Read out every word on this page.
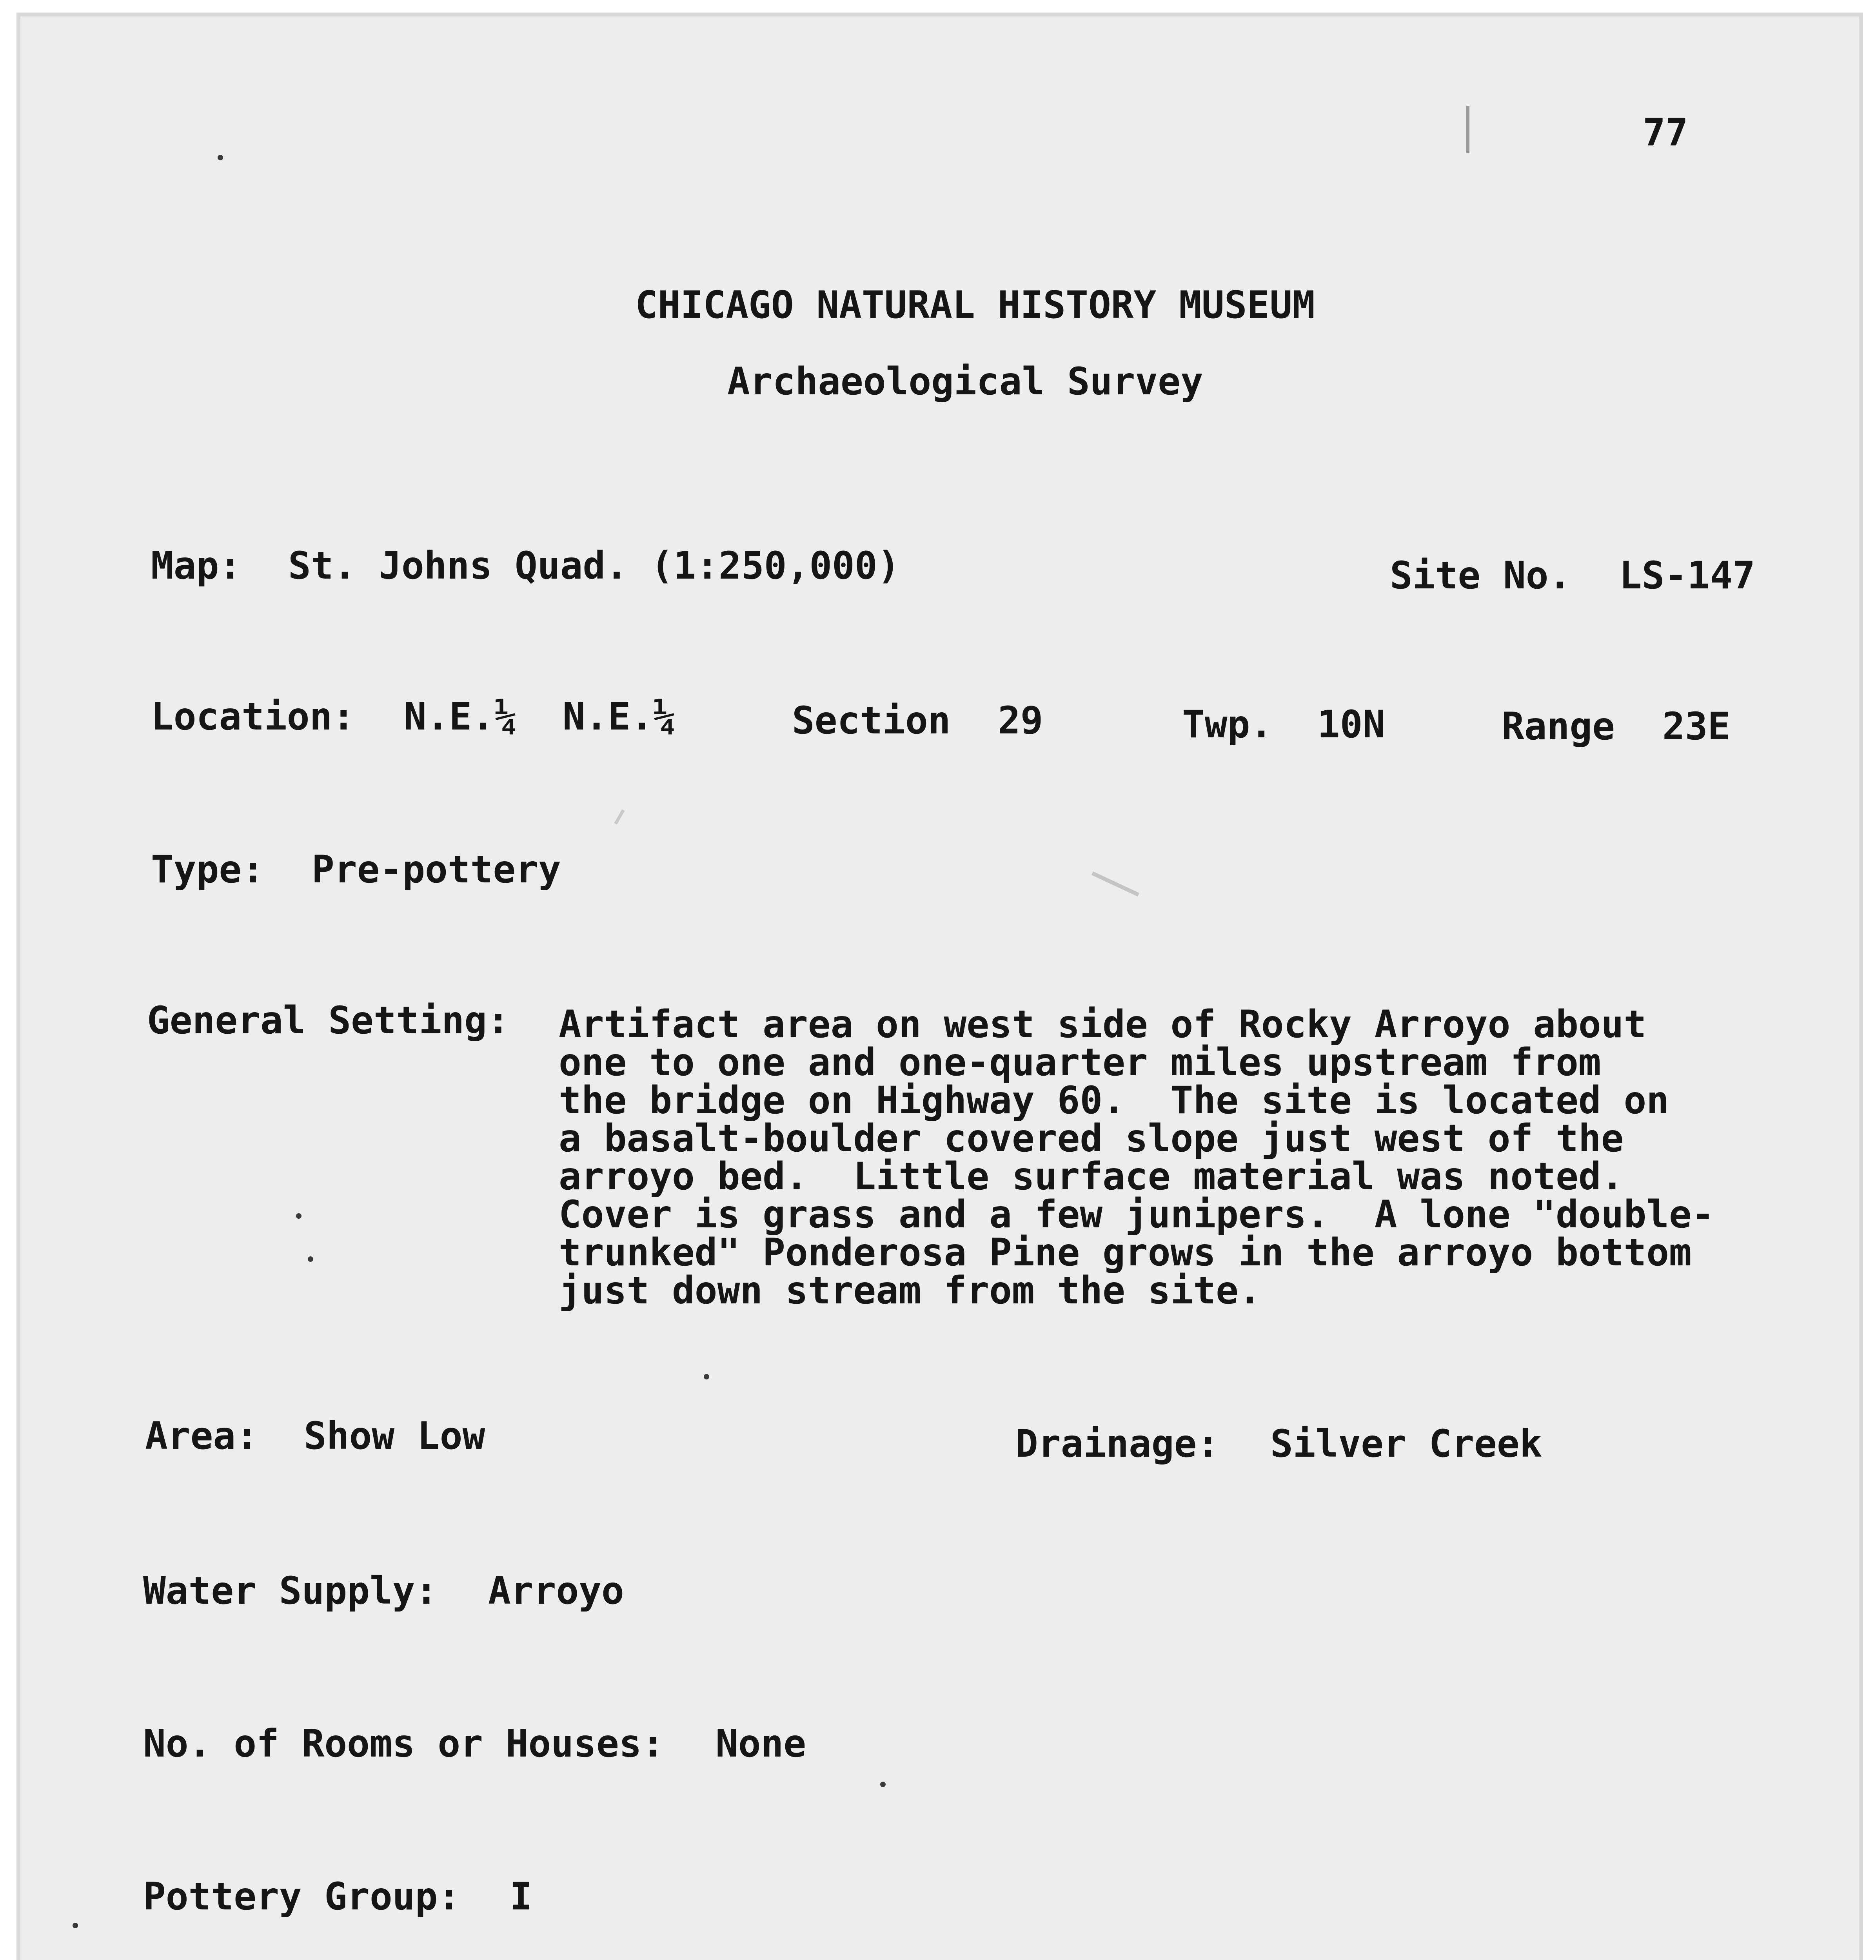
77
CHICAGO NATURAL HISTORY MUSEUM
Archaeological Survey
Map: St. Johns Quad. (1:250,000)	Site No. LS-147
Location: N.E.¼ N.E.¼	Section 29	Twp. 10N	Range 23E
Type: Pre-pottery
General Setting: Artifact area on west side of Rocky Arroyo about
one to one and one-quarter miles upstream from
the bridge on Highway 60.  The site is located on
a basalt-boulder covered slope just west of the
arroyo bed.  Little surface material was noted.
Cover is grass and a few junipers.  A lone "double-
trunked" Ponderosa Pine grows in the arroyo bottom
just down stream from the site.
Area: Show Low	Drainage: Silver Creek
Water Supply: Arroyo
No. of Rooms or Houses: None
Pottery Group: I
